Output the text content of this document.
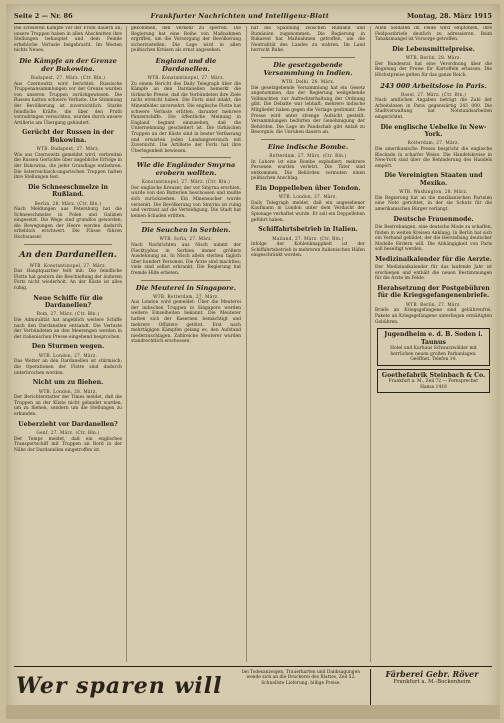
Seite 2 — Nr. 86	Frankfurter Nachrichten und Intelligenz-Blatt	Montag, 28. März 1915
Die schweren Kämpfe vor der Front dauern an; unsere Truppen haben in allen Abschnitten ihre Stellungen behauptet und dem Feinde erhebliche Verluste beigebracht. Im Westen nichts Neues.
Die Kämpfe an der Grenze der Bukowina.
Budapest, 27. März. (Ctr. Bln.)
Aus Czernowitz wird berichtet: Russische Truppenansammlungen vor der Grenze wurden von unseren Truppen zurückgewiesen. Die Russen hatten schwere Verluste. Die Stimmung der Bevölkerung ist zuversichtlich. Starke feindliche Kräfte, die über den Pruth vorzudringen versuchten, wurden durch unsere Artillerie am Übergang gehindert.
Gerücht der Russen in der Bukowina.
WTB. Budapest, 27. März.
Wie aus Czernowitz gemeldet wird, verbreiten die Russen Gerüchte über angebliche Erfolge in der Bukowina, die jeder Grundlage entbehren. Die österreichisch-ungarischen Truppen halten ihre Stellungen fest.
Die Schneeschmelze in Rußland.
Berlin, 28. März. (Ctr. Bln.)
Nach Meldungen aus Petersburg hat die Schneeschmelze in Polen und Galizien eingesetzt. Die Wege sind grundlos geworden; die Bewegungen der Heere werden dadurch erheblich erschwert. Die Flüsse führen Hochwasser.
An den Dardanellen.
WTB. Konstantinopel, 27. März.
Das Hauptquartier teilt mit: Die feindliche Flotte hat gestern die Beschießung der äußeren Forts nicht wiederholt. An der Küste ist alles ruhig.
Neue Schiffe für die Dardanellen?
Rom, 27. März. (Ctr. Bln.)
Die Admiralität hat angeblich weitere Schiffe nach den Dardanellen entsandt. Die Verluste der Verbündeten an den Meerengen werden in der italienischen Presse eingehend besprochen.
Den Sturmen wegen.
WTB. London, 27. März.
Das Wetter an den Dardanellen ist stürmisch; die Operationen der Flotte sind dadurch unterbrochen worden.
Nicht um zu fliehen.
WTB. London, 28. März.
Der Berichterstatter der Times meldet, daß die Truppen an der Küste nicht gelandet wurden, um zu fliehen, sondern um die Stellungen zu erkunden.
Ueberzieht vor Dardanellen?
Genf, 27. März. (Ctr. Bln.)
Der Temps meldet, daß ein englisches Transportschiff mit Truppen an Bord in der Nähe der Dardanellen eingetroffen ist.
gekommen, den Verkehr zu sperren. Die Regierung hat eine Reihe von Maßnahmen ergriffen, um die Versorgung der Bevölkerung sicherzustellen. Die Lage wird in allen politischen Kreisen als ernst angesehen.
England und die Dardanellen.
WTB. Konstantinopel, 27. März.
Zu einem Bericht des Daily Telegraph über die Kämpfe an den Dardanellen bemerkt die türkische Presse, daß die Verbündeten ihre Ziele nicht erreicht haben. Die Forts sind intakt, die Minenfelder unversehrt. Die englische Flotte hat schwere Verluste erlitten, darunter mehrere Panzerschiffe. Die öffentliche Meinung in England beginnt einzusehen, daß die Unternehmung gescheitert ist. Die türkischen Truppen an der Küste sind in bester Verfassung und erwarten jeden Landungsversuch mit Zuversicht. Die Artillerie der Forts hat ihre Überlegenheit bewiesen.
Wie die Engländer Smyrna erobern wollten.
Konstantinopel, 27. März. (Ctr. Bln.)
Der englische Kreuzer, der vor Smyrna erschien, wurde von den Batterien beschossen und mußte sich zurückziehen. Ein Minensucher wurde versenkt. Die Bevölkerung von Smyrna ist ruhig und vertraut auf die Verteidigung. Die Stadt hat keinen Schaden erlitten.
Die Seuchen in Serbien.
WTB. Sofia, 27. März.
Nach Nachrichten aus Nisch nimmt der Flecktyphus in Serbien immer größere Ausdehnung an. In Nisch allein sterben täglich über hundert Personen. Die Ärzte sind machtlos; viele sind selbst erkrankt. Die Regierung hat fremde Hilfe erbeten.
Die Meuterei in Singapore.
WTB. Rotterdam, 27. März.
Aus London wird gemeldet: Über die Meuterei der indischen Truppen in Singapore werden weitere Einzelheiten bekannt. Die Meuterer hatten sich der Kasernen bemächtigt und mehrere Offiziere getötet. Erst nach mehrtägigen Kämpfen gelang es, den Aufstand niederzuschlagen. Zahlreiche Meuterer wurden standrechtlich erschossen.
hat die Spannung zwischen Rußland und Rumänien zugenommen. Die Regierung in Bukarest hat Maßnahmen getroffen, um die Neutralität des Landes zu wahren. Im Land herrscht Ruhe.
Die gesetzgebende Versammlung in Indien.
WTB. Delhi, 26. März.
Die gesetzgebende Versammlung hat ein Gesetz angenommen, das der Regierung weitgehende Vollmachten zur Aufrechterhaltung der Ordnung gibt. Die Debatte war lebhaft; mehrere indische Mitglieder haben gegen die Vorlage gestimmt. Die Presse wird unter strenge Aufsicht gestellt. Versammlungen bedürfen der Genehmigung der Behörden. Die Lage im Pandschab gibt Anlaß zu Besorgnis; die Unruhen dauern an.
Eine indische Bombe.
Rotterdam, 27. März. (Ctr. Bln.)
In Lahore ist eine Bombe explodiert; mehrere Personen wurden verletzt. Die Täter sind entkommen. Die Behörden vermuten einen politischen Anschlag.
Ein Doppelleben über Tondon.
WTB. London, 27. März.
Daily Telegraph meldet, daß ein angesehener Kaufmann in London unter dem Verdacht der Spionage verhaftet wurde. Er soll ein Doppelleben geführt haben.
Schiffahrtsbetrieb in Italien.
Mailand, 27. März. (Ctr. Bln.)
Infolge der Kohlenknappheit ist der Schiffahrtsbetrieb in mehreren italienischen Häfen eingeschränkt worden.
Allen Soldaten im Felde wird empfohlen, ihre Feldpostbriefe deutlich zu adressieren. Beim Tabaksmangel ist Vorsorge getroffen.
Die Lebensmittelpreise.
WTB. Berlin, 28. März.
Der Bundesrat hat eine Verordnung über die Regelung der Preise für Kartoffeln erlassen. Die Höchstpreise gelten für das ganze Reich.
243 000 Arbeitslose in Paris.
Basel, 27. März. (Ctr. Bln.)
Nach amtlichen Angaben beträgt die Zahl der Arbeitslosen in Paris gegenwärtig 243 000. Die Stadtverwaltung hat Notstandsarbeiten eingerichtet.
Die englische Uebelke in New-York.
Rotterdam, 27. März.
Die amerikanische Presse bespricht die englische Blockade in scharfer Weise. Die Handelskreise in New-York sind über die Behinderung des Handels empört.
Die Vereinigten Staaten und Mexiko.
WTB. Washington, 28. März.
Die Regierung hat an die mexikanischen Parteien eine Note gerichtet, in der sie Schutz für die amerikanischen Bürger verlangt.
Deutsche Frauenmode.
Die Bestrebungen, eine deutsche Mode zu schaffen, finden in weiten Kreisen Anklang. In Berlin hat sich ein Verband gebildet, der die Herstellung deutscher Modelle fördern will. Die Abhängigkeit von Paris soll beseitigt werden.
Medizinalkalender für die Aerzte.
Der Medizinalkalender für das laufende Jahr ist erschienen und enthält die neuen Bestimmungen für die Ärzte im Felde.
Herabsetzung der Postgebühren für die Kriegsgefangenenbriefe.
WTB. Berlin, 27. März.
Briefe an Kriegsgefangene sind gebührenfrei. Pakete an Kriegsgefangene unterliegen ermäßigten Gebühren.
Jugendheim e. d. B. Soden i. Taunus
Hotel und Kurhaus Schwarzwälder mit herrlichen neuen großen Parkanlagen. Geöffnet. Telefon 14.
Goethefabrik Steinbach & Co.
Frankfurt a. M., Zeil 72 — Fernsprecher Hansa 1418
Wer sparen will
bei Todesanzeigen, Trauerkarten und Danksagungen wende sich an die Druckerei des Blattes, Zeil 52. Schnellste Lieferung, billige Preise.
Färberei Gebr. Röver
Frankfurt a. M.-Bockenheim
